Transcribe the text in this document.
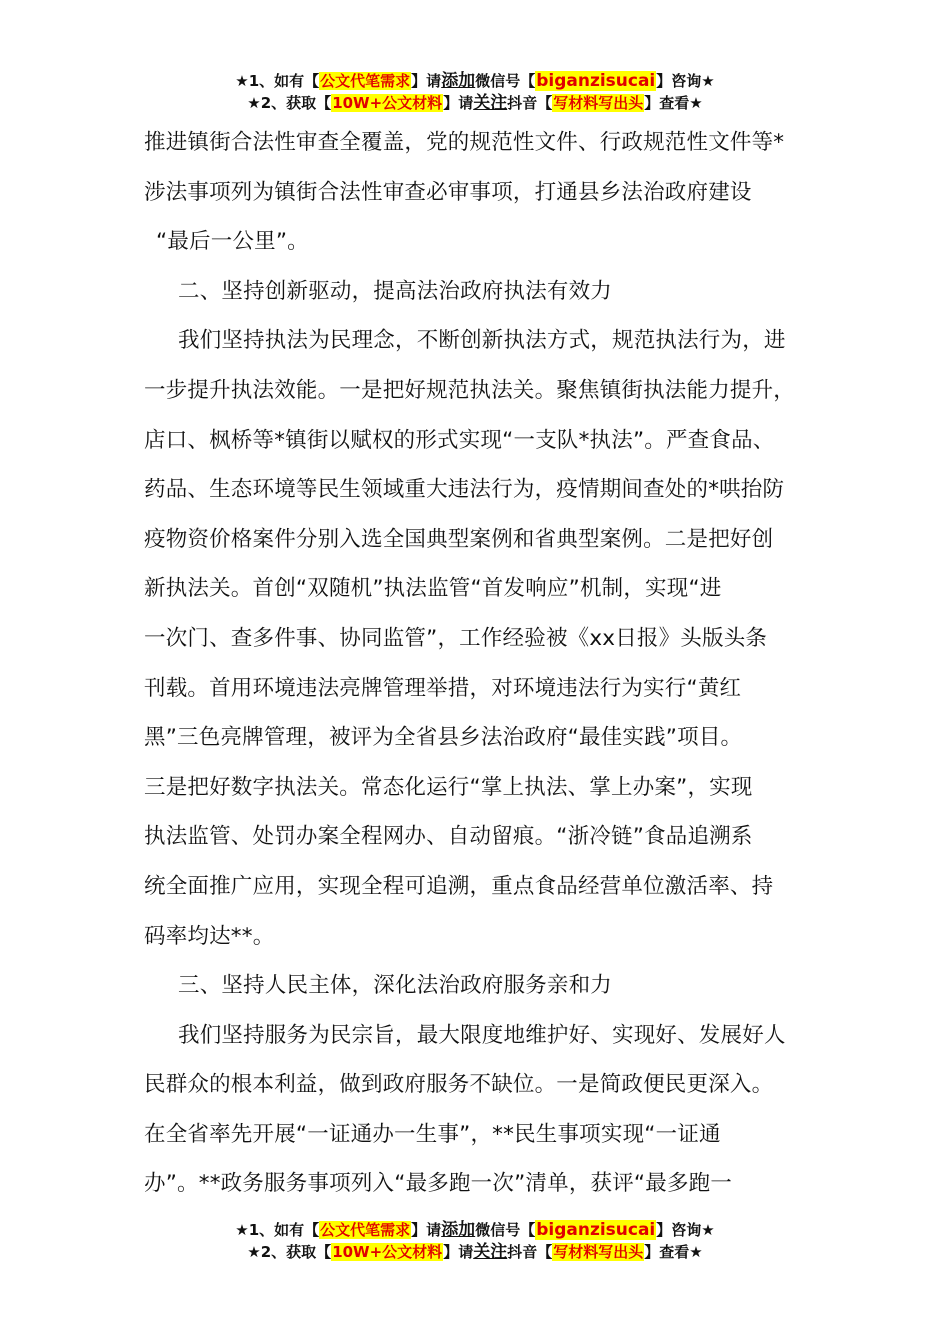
★1、如有【公文代笔需求】请添加微信号【biganzisucai】咨询★
★2、获取【10W+公文材料】请关注抖音【写材料写出头】查看★
推进镇街合法性审查全覆盖，党的规范性文件、行政规范性文件等*
涉法事项列为镇街合法性审查必审事项，打通县乡法治政府建设
“最后一公里”。
二、坚持创新驱动，提高法治政府执法有效力
我们坚持执法为民理念，不断创新执法方式，规范执法行为，进
一步提升执法效能。一是把好规范执法关。聚焦镇街执法能力提升，
店口、枫桥等*镇街以赋权的形式实现“一支队*执法”。严查食品、
药品、生态环境等民生领域重大违法行为，疫情期间查处的*哄抬防
疫物资价格案件分别入选全国典型案例和省典型案例。二是把好创
新执法关。首创“双随机”执法监管“首发响应”机制，实现“进
一次门、查多件事、协同监管”，工作经验被《xx日报》头版头条
刊载。首用环境违法亮牌管理举措，对环境违法行为实行“黄红
黑”三色亮牌管理，被评为全省县乡法治政府“最佳实践”项目。
三是把好数字执法关。常态化运行“掌上执法、掌上办案”，实现
执法监管、处罚办案全程网办、自动留痕。“浙冷链”食品追溯系
统全面推广应用，实现全程可追溯，重点食品经营单位激活率、持
码率均达**。
三、坚持人民主体，深化法治政府服务亲和力
我们坚持服务为民宗旨，最大限度地维护好、实现好、发展好人
民群众的根本利益，做到政府服务不缺位。一是简政便民更深入。
在全省率先开展“一证通办一生事”，**民生事项实现“一证通
办”。**政务服务事项列入“最多跑一次”清单，获评“最多跑一
★1、如有【公文代笔需求】请添加微信号【biganzisucai】咨询★
★2、获取【10W+公文材料】请关注抖音【写材料写出头】查看★
